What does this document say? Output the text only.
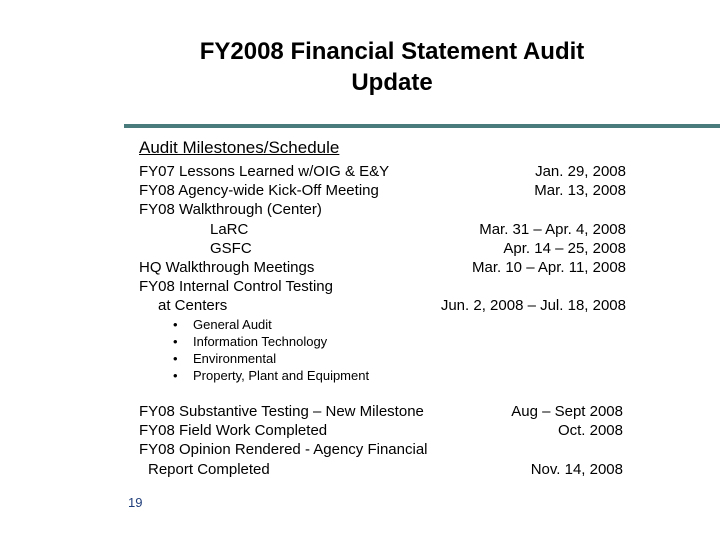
FY2008 Financial Statement Audit
Update
Audit Milestones/Schedule
FY07 Lessons Learned w/OIG & E&Y	Jan. 29, 2008
FY08 Agency-wide Kick-Off Meeting	Mar. 13, 2008
FY08 Walkthrough (Center)
LaRC	Mar. 31 – Apr. 4, 2008
GSFC	Apr. 14 – 25, 2008
HQ Walkthrough Meetings	Mar. 10 – Apr. 11, 2008
FY08 Internal Control Testing
at Centers	Jun. 2, 2008 – Jul. 18, 2008
• General Audit
• Information Technology
• Environmental
• Property, Plant and Equipment
FY08 Substantive Testing – New Milestone	Aug – Sept 2008
FY08 Field Work Completed	Oct. 2008
FY08 Opinion Rendered - Agency Financial
Report Completed	Nov. 14, 2008
19
